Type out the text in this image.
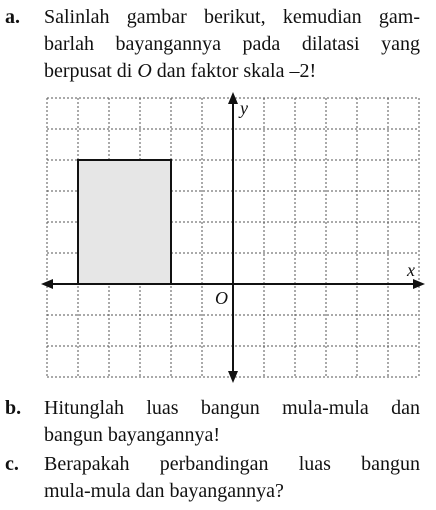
a. Salinlah gambar berikut, kemudian gam-
barlah bayangannya pada dilatasi yang
berpusat di O dan faktor skala –2!
x
y
O
b. Hitunglah luas bangun mula-mula dan
bangun bayangannya!
c. Berapakah perbandingan luas bangun
mula-mula dan bayangannya?
